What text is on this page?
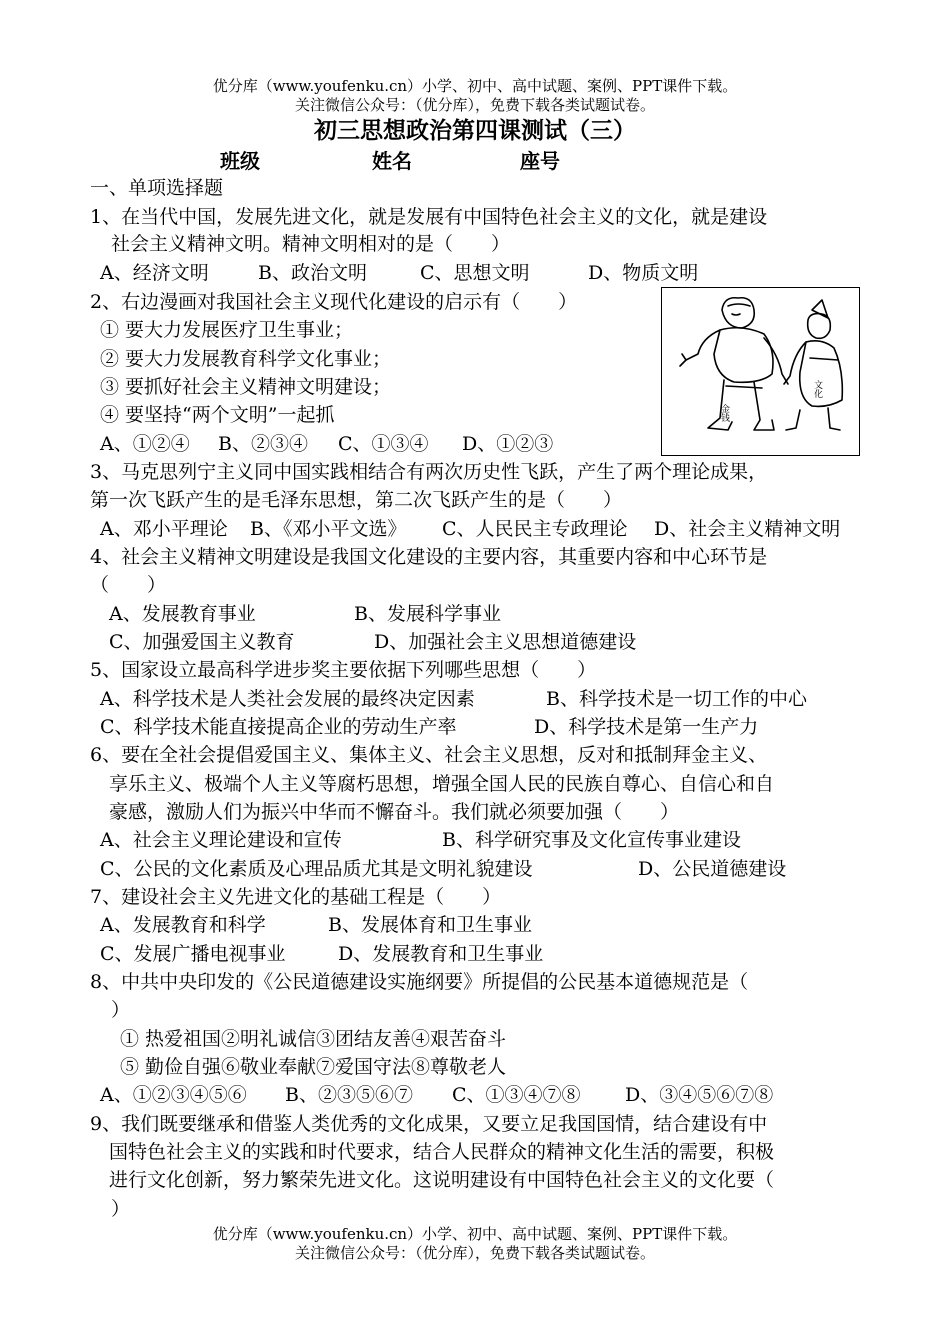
优分库（www.youfenku.cn）小学、初中、高中试题、案例、PPT课件下载。
关注微信公众号：（优分库），免费下载各类试题试卷。
初三思想政治第四课测试（三）
班级	姓名	座号
一、单项选择题
1、在当代中国，发展先进文化，就是发展有中国特色社会主义的文化，就是建设
社会主义精神文明。精神文明相对的是（　　）
A、经济文明	B、政治文明	C、思想文明	D、物质文明
2、右边漫画对我国社会主义现代化建设的启示有（　　）
① 要大力发展医疗卫生事业；
② 要大力发展教育科学文化事业；
③ 要抓好社会主义精神文明建设；
④ 要坚持“两个文明”一起抓
A、①②④ B、②③④ C、①③④ D、①②③
金钱
文化
3、马克思列宁主义同中国实践相结合有两次历史性飞跃，产生了两个理论成果，
第一次飞跃产生的是毛泽东思想，第二次飞跃产生的是（　　）
A、邓小平理论 B、《邓小平文选》 C、人民民主专政理论 D、社会主义精神文明
4、社会主义精神文明建设是我国文化建设的主要内容，其重要内容和中心环节是
（　　）
A、发展教育事业	B、发展科学事业
C、加强爱国主义教育	D、加强社会主义思想道德建设
5、国家设立最高科学进步奖主要依据下列哪些思想（　　）
A、科学技术是人类社会发展的最终决定因素	B、科学技术是一切工作的中心
C、科学技术能直接提高企业的劳动生产率	D、科学技术是第一生产力
6、要在全社会提倡爱国主义、集体主义、社会主义思想，反对和抵制拜金主义、
享乐主义、极端个人主义等腐朽思想，增强全国人民的民族自尊心、自信心和自
豪感，激励人们为振兴中华而不懈奋斗。我们就必须要加强（　　）
A、社会主义理论建设和宣传	B、科学研究事及文化宣传事业建设
C、公民的文化素质及心理品质尤其是文明礼貌建设	D、公民道德建设
7、建设社会主义先进文化的基础工程是（　　）
A、发展教育和科学	B、发展体育和卫生事业
C、发展广播电视事业	D、发展教育和卫生事业
8、中共中央印发的《公民道德建设实施纲要》所提倡的公民基本道德规范是（
）
① 热爱祖国②明礼诚信③团结友善④艰苦奋斗
⑤ 勤俭自强⑥敬业奉献⑦爱国守法⑧尊敬老人
A、①②③④⑤⑥ B、②③⑤⑥⑦ C、①③④⑦⑧ D、③④⑤⑥⑦⑧
9、我们既要继承和借鉴人类优秀的文化成果，又要立足我国国情，结合建设有中
国特色社会主义的实践和时代要求，结合人民群众的精神文化生活的需要，积极
进行文化创新，努力繁荣先进文化。这说明建设有中国特色社会主义的文化要（
）
优分库（www.youfenku.cn）小学、初中、高中试题、案例、PPT课件下载。
关注微信公众号：（优分库），免费下载各类试题试卷。
